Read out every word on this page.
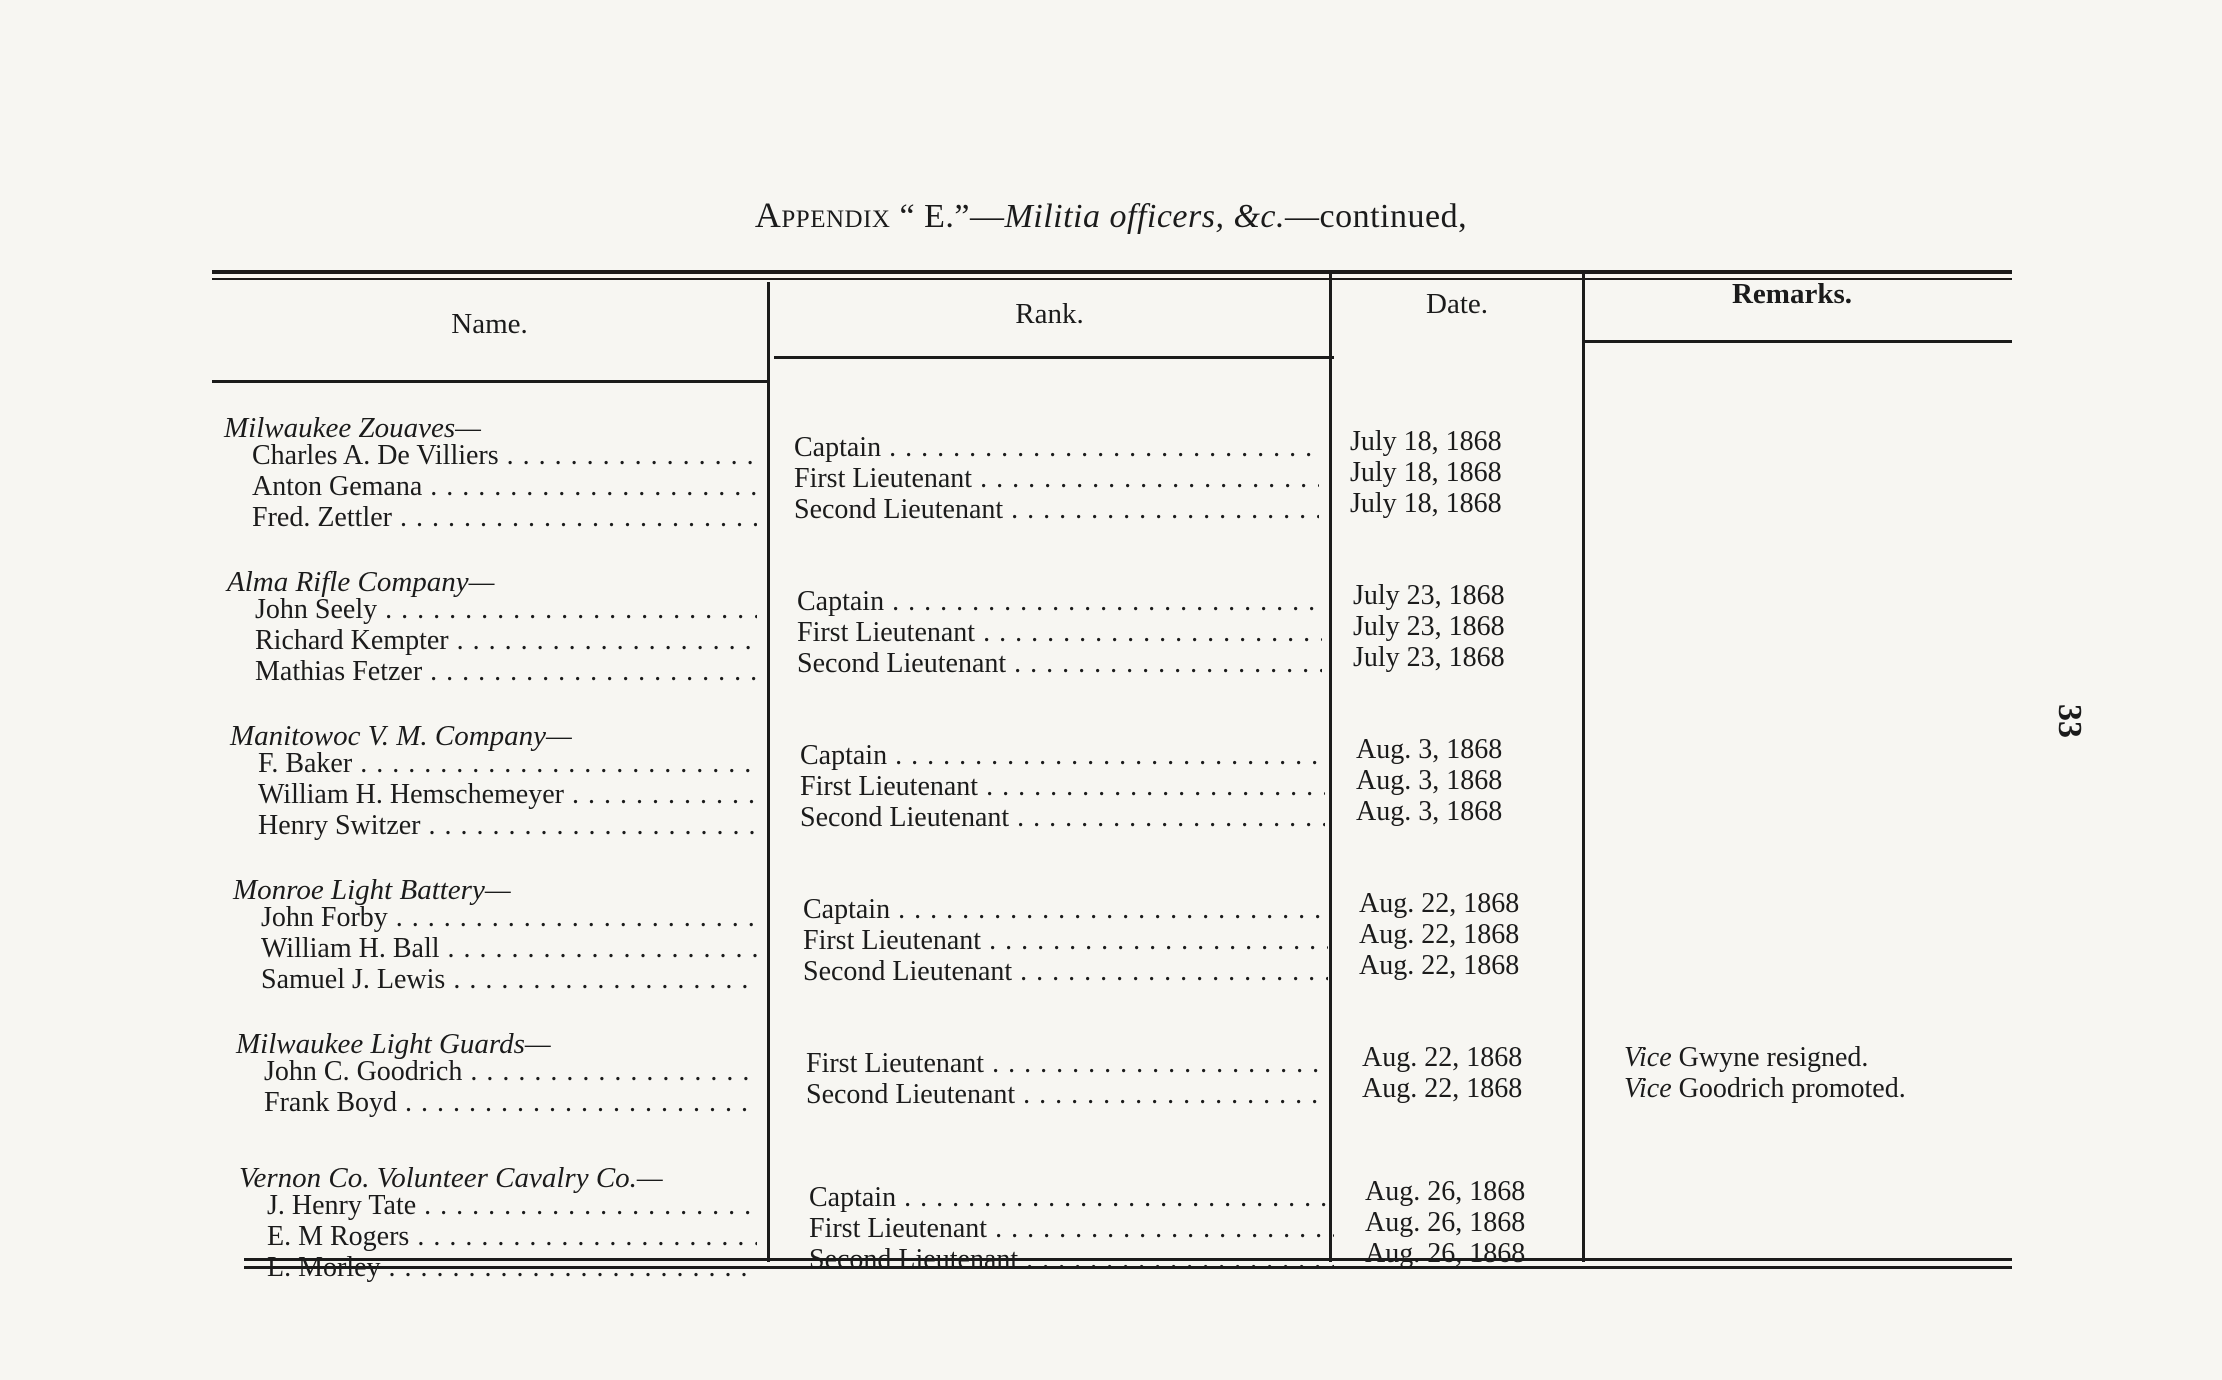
Appendix “ E.”—Militia officers, &c.—continued,
33
Name.	Rank.	Date.	Remarks.
Milwaukee Zouaves—
Charles A. De Villiers . . .	Captain . . .	July 18, 1868
Anton Gemana . . .	First Lieutenant . . .	July 18, 1868
Fred. Zettler . . .	Second Lieutenant . . .	July 18, 1868
Alma Rifle Company—
John Seely . . .	Captain . . .	July 23, 1868
Richard Kempter . . .	First Lieutenant . . .	July 23, 1868
Mathias Fetzer . . .	Second Lieutenant . . .	July 23, 1868
Manitowoc V. M. Company—
F. Baker . . .	Captain . . .	Aug. 3, 1868
William H. Hemschemeyer . . .	First Lieutenant . . .	Aug. 3, 1868
Henry Switzer . . .	Second Lieutenant . . .	Aug. 3, 1868
Monroe Light Battery—
John Forby . . .	Captain . . .	Aug. 22, 1868
William H. Ball . . .	First Lieutenant . . .	Aug. 22, 1868
Samuel J. Lewis . . .	Second Lieutenant . . .	Aug. 22, 1868
Milwaukee Light Guards—
John C. Goodrich . . .	First Lieutenant . . .	Aug. 22, 1868	Vice Gwyne resigned.
Frank Boyd . . .	Second Lieutenant . . .	Aug. 22, 1868	Vice Goodrich promoted.
Vernon Co. Volunteer Cavalry Co.—
J. Henry Tate . . .	Captain . . .	Aug. 26, 1868
E. M Rogers . . .	First Lieutenant . . .	Aug. 26, 1868
L. Morley . . .	Second Lieutenant . . .	Aug. 26, 1868
